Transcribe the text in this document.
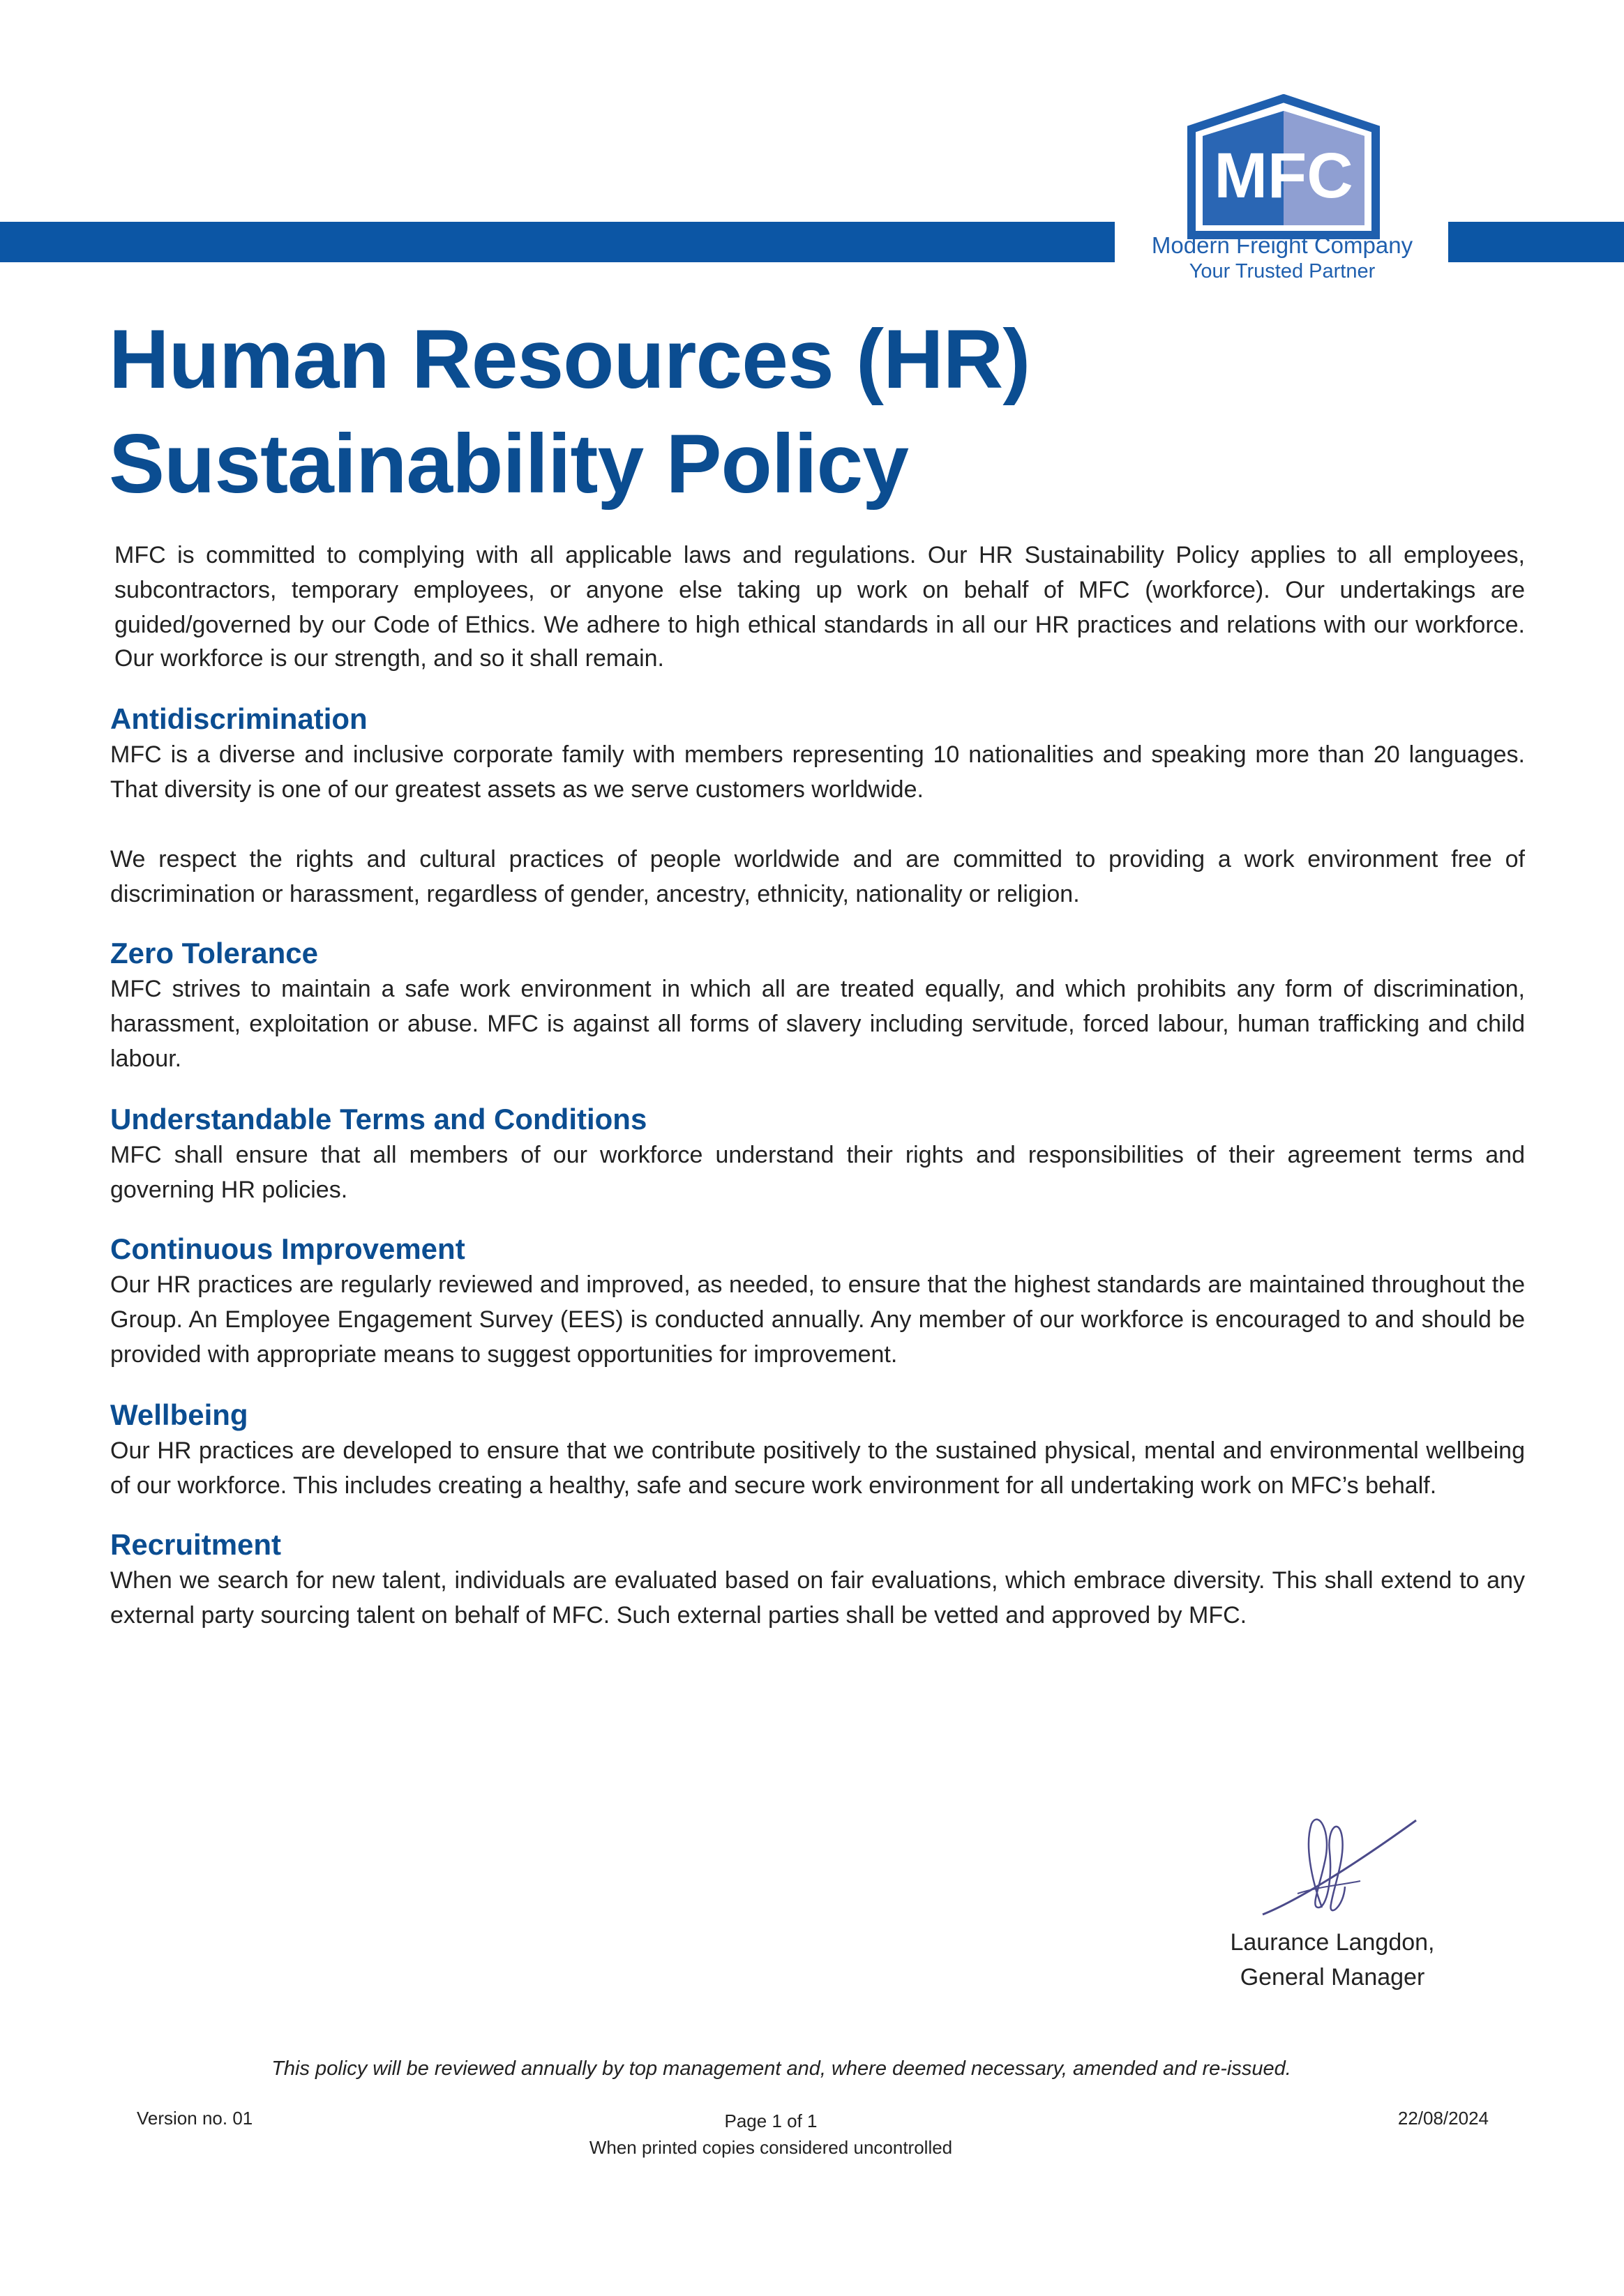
MFC
Modern Freight Company
Your Trusted Partner
Human Resources (HR) Sustainability Policy

MFC is committed to complying with all applicable laws and regulations. Our HR Sustainability Policy applies to all employees, subcontractors, temporary employees, or anyone else taking up work on behalf of MFC (workforce). Our undertakings are guided/governed by our Code of Ethics. We adhere to high ethical standards in all our HR practices and relations with our workforce. Our workforce is our strength, and so it shall remain.

Antidiscrimination

MFC is a diverse and inclusive corporate family with members representing 10 nationalities and speaking more than 20 languages. That diversity is one of our greatest assets as we serve customers worldwide.

We respect the rights and cultural practices of people worldwide and are committed to providing a work environment free of discrimination or harassment, regardless of gender, ancestry, ethnicity, nationality or religion.

Zero Tolerance

MFC strives to maintain a safe work environment in which all are treated equally, and which prohibits any form of discrimination, harassment, exploitation or abuse. MFC is against all forms of slavery including servitude, forced labour, human trafficking and child labour.

Understandable Terms and Conditions

MFC shall ensure that all members of our workforce understand their rights and responsibilities of their agreement terms and governing HR policies.

Continuous Improvement

Our HR practices are regularly reviewed and improved, as needed, to ensure that the highest standards are maintained throughout the Group. An Employee Engagement Survey (EES) is conducted annually. Any member of our workforce is encouraged to and should be provided with appropriate means to suggest opportunities for improvement.

Wellbeing

Our HR practices are developed to ensure that we contribute positively to the sustained physical, mental and environmental wellbeing of our workforce. This includes creating a healthy, safe and secure work environment for all undertaking work on MFC’s behalf.

Recruitment

When we search for new talent, individuals are evaluated based on fair evaluations, which embrace diversity. This shall extend to any external party sourcing talent on behalf of MFC. Such external parties shall be vetted and approved by MFC.

Laurance Langdon,
General Manager
This policy will be reviewed annually by top management and, where deemed necessary, amended and re-issued.
Version no. 01	Page 1 of 1
When printed copies considered uncontrolled
22/08/2024
